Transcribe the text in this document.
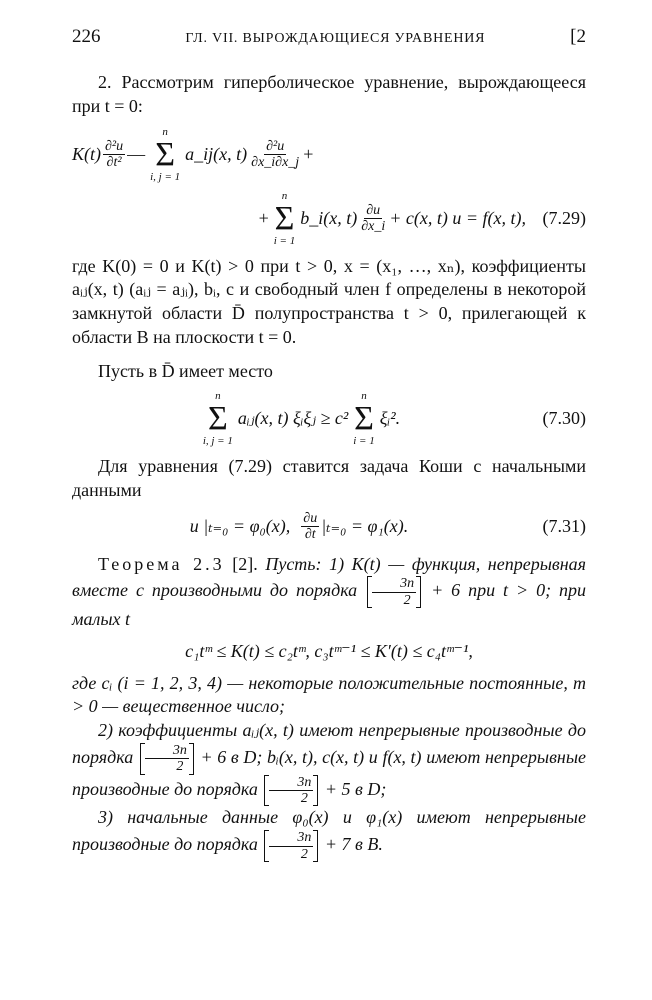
226	ГЛ. VII. ВЫРОЖДАЮЩИЕСЯ УРАВНЕНИЯ	[2

2. Рассмотрим гиперболическое уравнение, вырождающееся при t = 0:

$K(t) \frac{\text{∂²u}}{\text{∂t²}}$ —
n
Σ
i, j = 1
a_ij(x, $t) \frac{\text{∂²u}}{\partial x\_i\partial x\_j}$ +
+
n
Σ
i = 1
b_i(x, $t) \frac{\partial u}{\partial x\_i} + c(x$, t) u = f(x, t), (7.29)

где K(0) = 0 и K(t) > 0 при t > 0, x = (x₁, …, xₙ), коэффициенты aᵢⱼ(x, t) (aᵢⱼ = aⱼᵢ), bᵢ, c и свободный член f определены в некоторой замкнутой области D̄ полупространства t > 0, прилегающей к области B на плоскости t = 0.

Пусть в D̄ имеет место

n
Σ
i, j = 1
aᵢⱼ(x, t) ξᵢξⱼ ≥ c²
n
Σ
i = 1
ξᵢ².	(7.30)

Для уравнения (7.29) ставится задача Коши с начальными данными

u |ₜ₌₀ = φ₀(x),
$\frac{\partial u}{\partial t} |_{t=0} = \varphi_1(x)$.	(7.31)

Теорема 2.3 [2]. Пусть: 1) K(t) — функция, непрерывная вместе с производными до порядка $\frac{3n}{2} + 6$ при t > 0; при малых t

c₁tᵐ ≤ K(t) ≤ c₂tᵐ, c₃tᵐ⁻¹ ≤ K′(t) ≤ c₄tᵐ⁻¹,

где cᵢ (i = 1, 2, 3, 4) — некоторые положительные постоянные, m > 0 — вещественное число;

2) коэффициенты aᵢⱼ(x, t) имеют непрерывные производные до порядка $\frac{3n}{2} + 6$ в D; bᵢ(x, t), c(x, t) и f(x, t) имеют непрерывные производные до порядка $\frac{3n}{2} + 5$ в D;

3) начальные данные φ₀(x) и φ₁(x) имеют непрерывные производные до порядка $\frac{3n}{2} + 7$ в B.
